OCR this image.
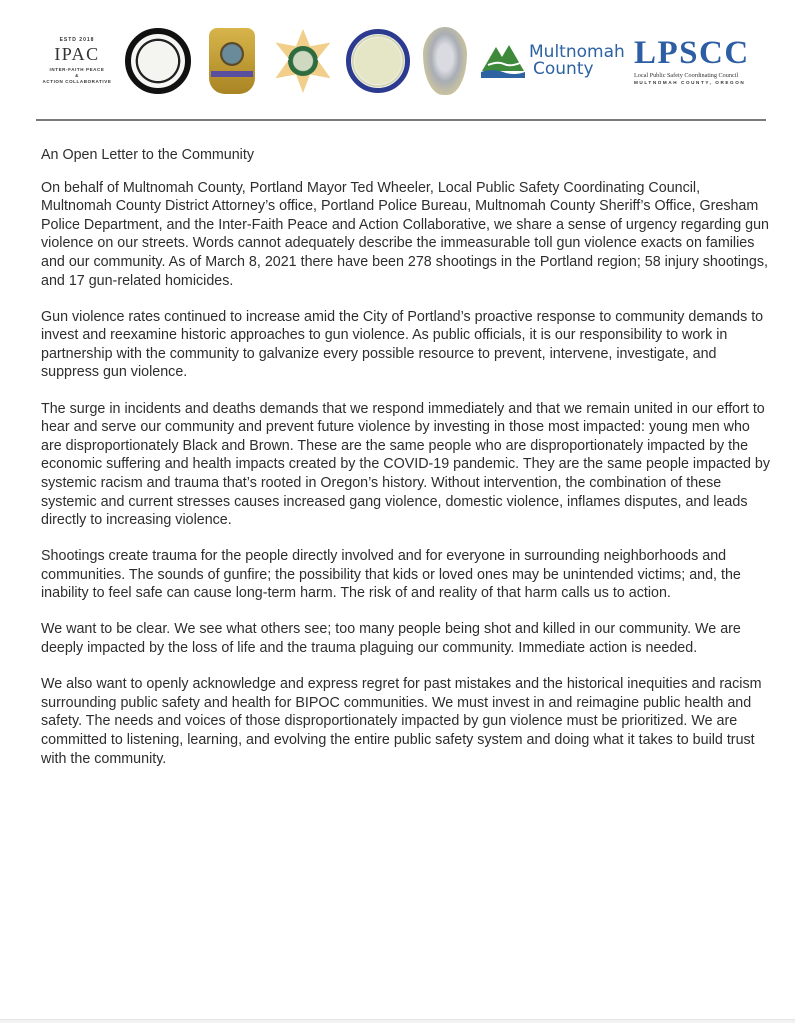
ESTD 2018
IPAC
INTER-FAITH PEACE
&
ACTION COLLABORATIVE
Multnomah
County	LPSCC
Local Public Safety Coordinating Council
MULTNOMAH COUNTY, OREGON
An Open Letter to the Community

On behalf of Multnomah County, Portland Mayor Ted Wheeler, Local Public Safety Coordinating Council, Multnomah County District Attorney’s office, Portland Police Bureau, Multnomah County Sheriff’s Office, Gresham Police Department, and the Inter-Faith Peace and Action Collaborative, we share a sense of urgency regarding gun violence on our streets. Words cannot adequately describe the immeasurable toll gun violence exacts on families and our community. As of March 8, 2021 there have been 278 shootings in the Portland region; 58 injury shootings, and 17 gun-related homicides.

Gun violence rates continued to increase amid the City of Portland’s proactive response to community demands to invest and reexamine historic approaches to gun violence. As public officials, it is our responsibility to work in partnership with the community to galvanize every possible resource to prevent, intervene, investigate, and suppress gun violence.

The surge in incidents and deaths demands that we respond immediately and that we remain united in our effort to hear and serve our community and prevent future violence by investing in those most impacted: young men who are disproportionately Black and Brown. These are the same people who are disproportionately impacted by the economic suffering and health impacts created by the COVID-19 pandemic. They are the same people impacted by systemic racism and trauma that’s rooted in Oregon’s history. Without intervention, the combination of these systemic and current stresses causes increased gang violence, domestic violence, inflames disputes, and leads directly to increasing violence.

Shootings create trauma for the people directly involved and for everyone in surrounding neighborhoods and communities. The sounds of gunfire; the possibility that kids or loved ones may be unintended victims; and, the inability to feel safe can cause long-term harm. The risk of and reality of that harm calls us to action.

We want to be clear. We see what others see; too many people being shot and killed in our community. We are deeply impacted by the loss of life and the trauma plaguing our community. Immediate action is needed.

We also want to openly acknowledge and express regret for past mistakes and the historical inequities and racism surrounding public safety and health for BIPOC communities. We must invest in and reimagine public health and safety. The needs and voices of those disproportionately impacted by gun violence must be prioritized. We are committed to listening, learning, and evolving the entire public safety system and doing what it takes to build trust with the community.
